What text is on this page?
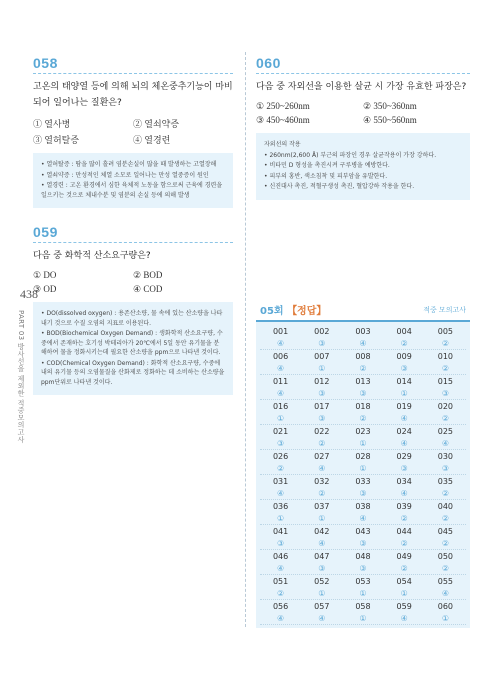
438
PART 03 방사선을 제외한 적중모의고사
058
고온의 태양열 등에 의해 뇌의 체온중추기능이 마비되어 일어나는 질환은?
① 열사병	② 열쇠약증
③ 열허탈증	④ 열경련

• 열허탈증 : 땀을 많이 흘려 염분손실이 많을 때 발생하는 고열장해

• 열쇠약증 : 만성적인 체열 소모로 일어나는 만성 열중증이 원인

• 열경련 : 고온 환경에서 심한 육체적 노동을 함으로써 근육에 경련을 일으키는 것으로 체내수분 및 염분의 손실 등에 의해 발생

059
다음 중 화학적 산소요구량은?
① DO	② BOD
③ OD	④ COD

• DO(dissolved oxygen) : 용존산소량, 물 속에 있는 산소량을 나타내기 것으로 수질 오염의 지표로 이용된다.

• BOD(Biochemical Oxygen Demand) : 생화학적 산소요구량, 수중에서 존재하는 호기성 박테리아가 20℃에서 5일 동안 유기물을 분해하여 물을 정화시키는데 필요한 산소량을 ppm으로 나타낸 것이다.

• COD(Chemical Oxygen Demand) : 화학적 산소요구량, 수중에 내의 유기물 등의 오염물질을 산화제로 정화하는 데 소비하는 산소량을 ppm단위로 나타낸 것이다.

060
다음 중 자외선을 이용한 살균 시 가장 유효한 파장은?
① 250~260nm	② 350~360nm
③ 450~460nm	④ 550~560nm

자외선의 작용

• 260nm(2,600 Å) 부근의 파장인 경우 살균작용이 가장 강하다.

• 비타민 D 형성을 촉진시켜 구루병을 예방한다.

• 피부의 홍반, 색소침착 및 피부암을 유발한다.

• 신진대사 촉진, 적혈구생성 촉진, 혈압강하 작용을 한다.

05회 【정답】	적중 모의고사
001	002	003	004	005
④	③	④	②	②
006	007	008	009	010
④	①	②	③	②
011	012	013	014	015
④	③	③	①	③
016	017	018	019	020
①	③	②	④	②
021	022	023	024	025
③	②	①	④	④
026	027	028	029	030
②	④	①	③	③
031	032	033	034	035
④	②	③	④	②
036	037	038	039	040
①	①	④	②	②
041	042	043	044	045
③	④	③	②	②
046	047	048	049	050
④	③	③	②	②
051	052	053	054	055
②	①	①	①	④
056	057	058	059	060
④	④	①	④	①
